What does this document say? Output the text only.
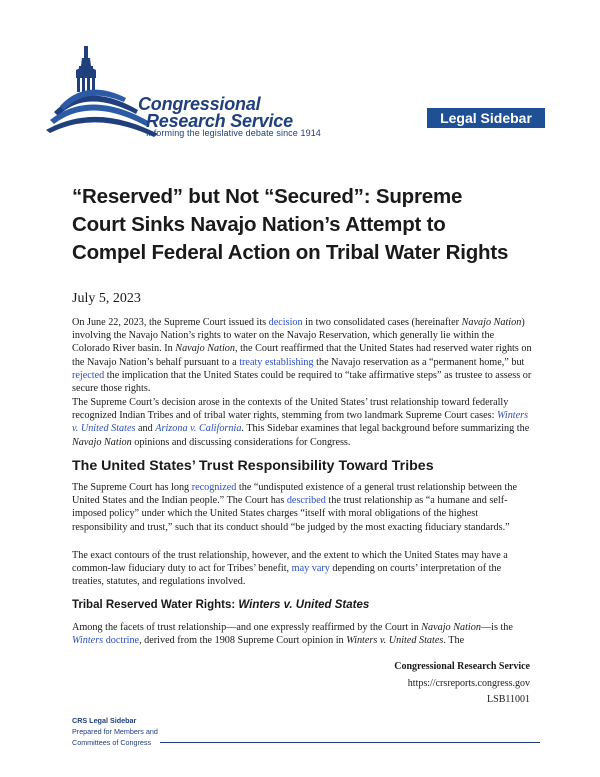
Congressional
Research Service
Informing the legislative debate since 1914
Legal Sidebar
“Reserved” but Not “Secured”: Supreme
Court Sinks Navajo Nation’s Attempt to
Compel Federal Action on Tribal Water Rights
July 5, 2023

On June 22, 2023, the Supreme Court issued its decision in two consolidated cases (hereinafter Navajo Nation) involving the Navajo Nation’s rights to water on the Navajo Reservation, which generally lie within the Colorado River basin. In Navajo Nation, the Court reaffirmed that the United States had reserved water rights on the Navajo Nation’s behalf pursuant to a treaty establishing the Navajo reservation as a “permanent home,” but rejected the implication that the United States could be required to “take affirmative steps” as trustee to assess or secure those rights.

The Supreme Court’s decision arose in the contexts of the United States’ trust relationship toward federally recognized Indian Tribes and of tribal water rights, stemming from two landmark Supreme Court cases: Winters v. United States and Arizona v. California. This Sidebar examines that legal background before summarizing the Navajo Nation opinions and discussing considerations for Congress.

The United States’ Trust Responsibility Toward Tribes

The Supreme Court has long recognized the “undisputed existence of a general trust relationship between the United States and the Indian people.” The Court has described the trust relationship as “a humane and self-imposed policy” under which the United States charges “itself with moral obligations of the highest responsibility and trust,” such that its conduct should “be judged by the most exacting fiduciary standards.”

The exact contours of the trust relationship, however, and the extent to which the United States may have a common-law fiduciary duty to act for Tribes’ benefit, may vary depending on courts’ interpretation of the treaties, statutes, and regulations involved.

Tribal Reserved Water Rights: Winters v. United States

Among the facets of trust relationship—and one expressly reaffirmed by the Court in Navajo Nation—is the Winters doctrine, derived from the 1908 Supreme Court opinion in Winters v. United States. The

Congressional Research Service
https://crsreports.congress.gov
LSB11001
CRS Legal Sidebar
Prepared for Members and
Committees of Congress
